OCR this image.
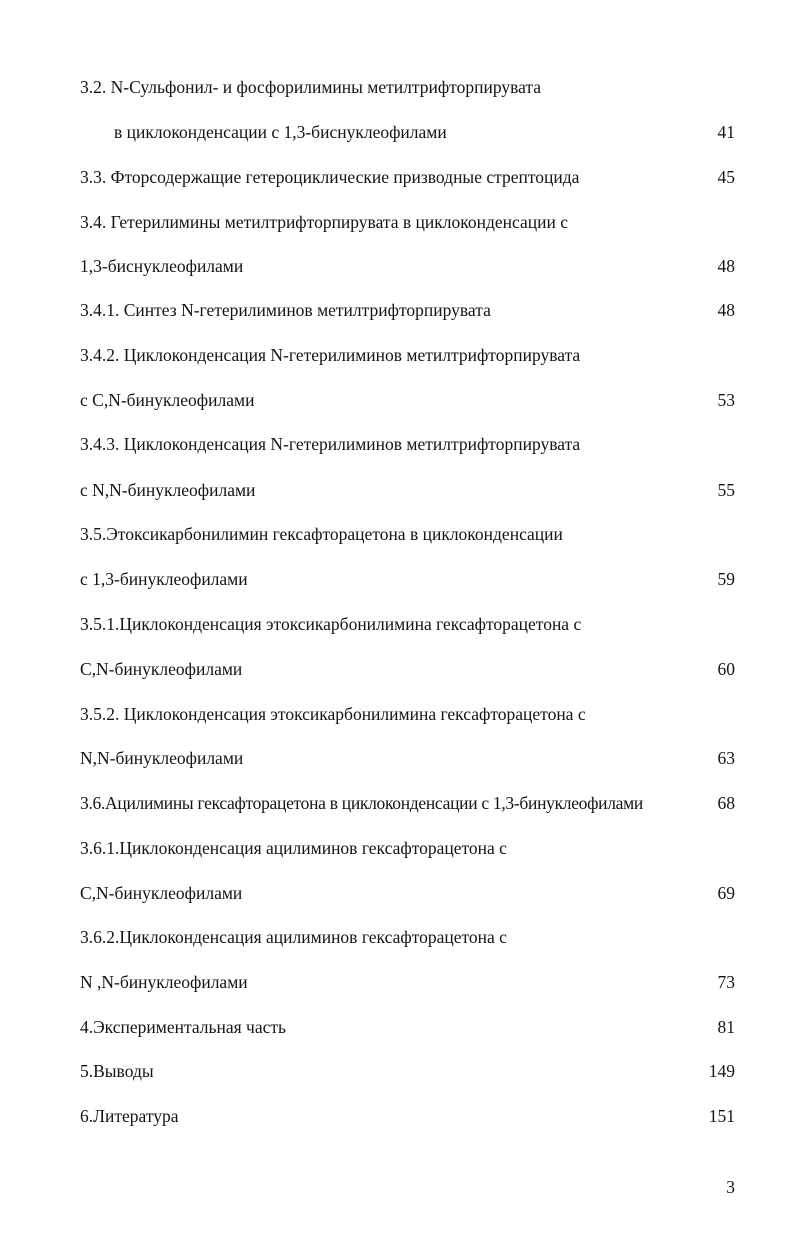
3.2. N-Сульфонил- и фосфорилимины метилтрифторпирувата
в циклоконденсации с 1,3-биснуклеофилами	41
3.3. Фторсодержащие гетероциклические призводные стрептоцида	45
3.4. Гетерилимины метилтрифторпирувата в циклоконденсации с
1,3-биснуклеофилами	48
3.4.1. Синтез N-гетерилиминов метилтрифторпирувата	48
3.4.2. Циклоконденсация N-гетерилиминов метилтрифторпирувата
с C,N-бинуклеофилами	53
3.4.3. Циклоконденсация N-гетерилиминов метилтрифторпирувата
с N,N-бинуклеофилами	55
3.5.Этоксикарбонилимин гексафторацетона в циклоконденсации
с 1,3-бинуклеофилами	59
3.5.1.Циклоконденсация этоксикарбонилимина гексафторацетона с
C,N-бинуклеофилами	60
3.5.2. Циклоконденсация этоксикарбонилимина гексафторацетона с
N,N-бинуклеофилами	63
3.6.Ацилимины гексафторацетона в циклоконденсации с 1,3-бинуклеофилами	68
3.6.1.Циклоконденсация ацилиминов гексафторацетона с
C,N-бинуклеофилами	69
3.6.2.Циклоконденсация ацилиминов гексафторацетона с
N ,N-бинуклеофилами	73
4.Экспериментальная часть	81
5.Выводы	149
6.Литература	151
3
